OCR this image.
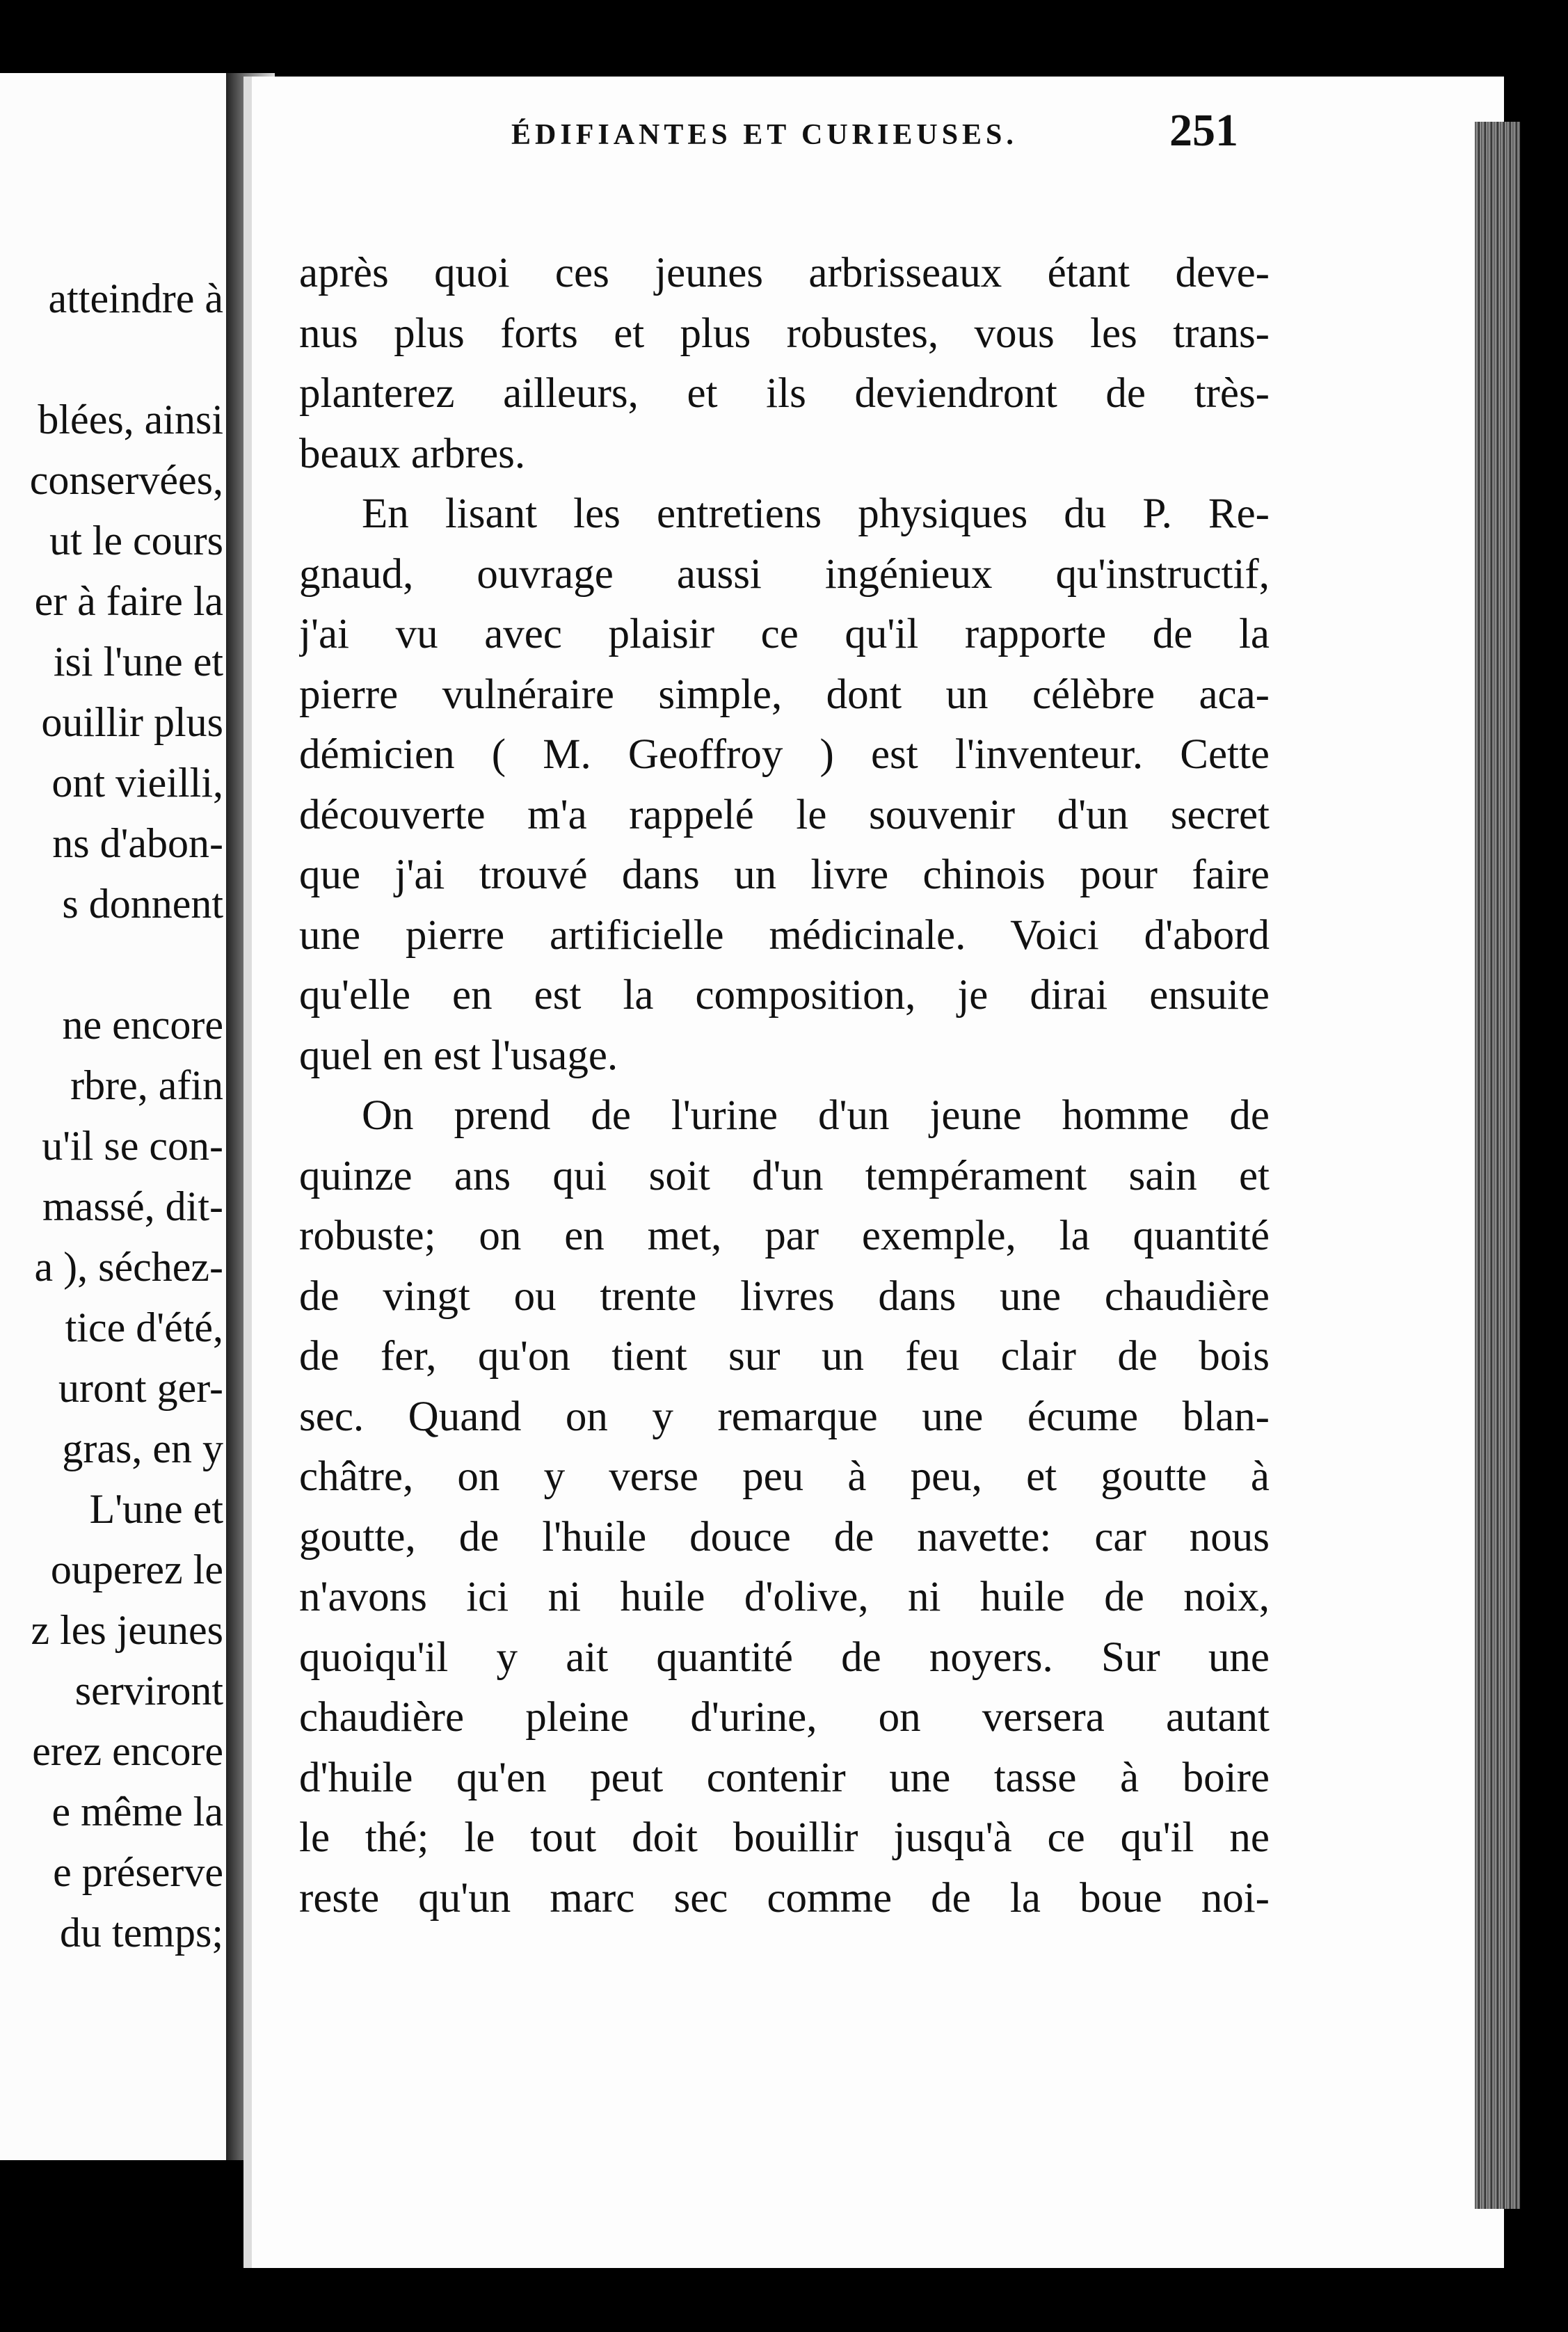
atteindre à
blées, ainsi
conservées,
ut le cours
er à faire la
isi l'une et
ouillir plus
ont vieilli,
ns d'abon-
s donnent
ne encore
rbre, afin
u'il se con-
massé, dit-
a ), séchez-
tice d'été,
uront ger-
gras, en y
L'une et
ouperez le
z les jeunes
serviront
erez encore
e même la
e préserve
du temps;
ÉDIFIANTES ET CURIEUSES.	251
après quoi ces jeunes arbrisseaux étant deve-
nus plus forts et plus robustes, vous les trans-
planterez ailleurs, et ils deviendront de très-
beaux arbres.
En lisant les entretiens physiques du P. Re-
gnaud, ouvrage aussi ingénieux qu'instructif,
j'ai vu avec plaisir ce qu'il rapporte de la
pierre vulnéraire simple, dont un célèbre aca-
démicien ( M. Geoffroy ) est l'inventeur. Cette
découverte m'a rappelé le souvenir d'un secret
que j'ai trouvé dans un livre chinois pour faire
une pierre artificielle médicinale. Voici d'abord
qu'elle en est la composition, je dirai ensuite
quel en est l'usage.
On prend de l'urine d'un jeune homme de
quinze ans qui soit d'un tempérament sain et
robuste; on en met, par exemple, la quantité
de vingt ou trente livres dans une chaudière
de fer, qu'on tient sur un feu clair de bois
sec. Quand on y remarque une écume blan-
châtre, on y verse peu à peu, et goutte à
goutte, de l'huile douce de navette: car nous
n'avons ici ni huile d'olive, ni huile de noix,
quoiqu'il y ait quantité de noyers. Sur une
chaudière pleine d'urine, on versera autant
d'huile qu'en peut contenir une tasse à boire
le thé; le tout doit bouillir jusqu'à ce qu'il ne
reste qu'un marc sec comme de la boue noi-
